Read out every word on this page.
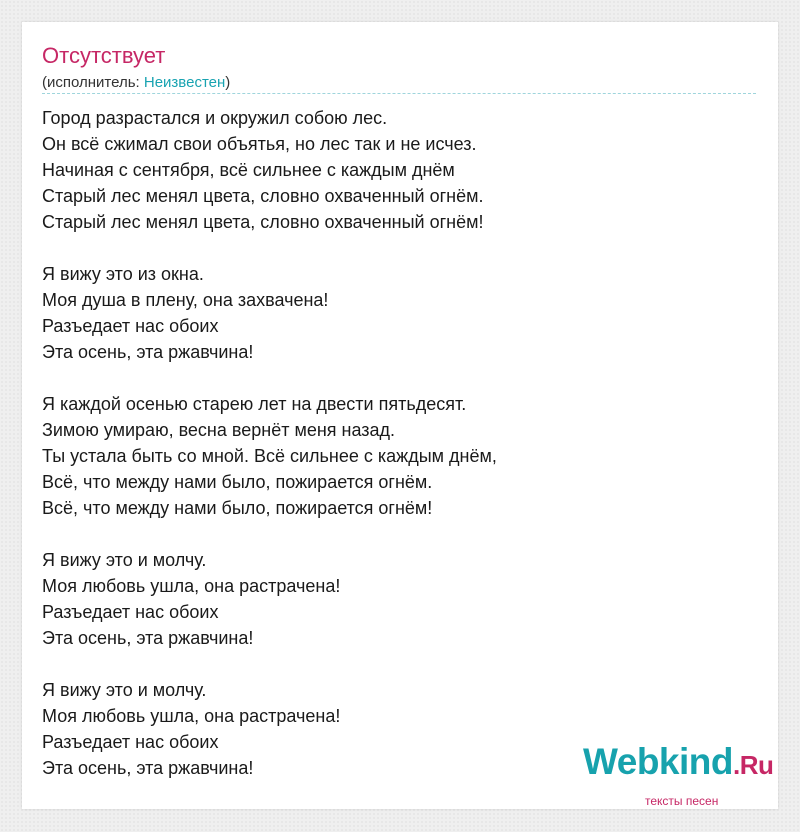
Отсутствует
(исполнитель: Неизвестен)
Город разрастался и окружил собою лес.
Он всё сжимал свои объятья, но лес так и не исчез.
Начиная с сентября, всё сильнее с каждым днём
Старый лес менял цвета, словно охваченный огнём.
Старый лес менял цвета, словно охваченный огнём!
Я вижу это из окна.
Моя душа в плену, она захвачена!
Разъедает нас обоих
Эта осень, эта ржавчина!
Я каждой осенью старею лет на двести пятьдесят.
Зимою умираю, весна вернёт меня назад.
Ты устала быть со мной. Всё сильнее с каждым днём,
Всё, что между нами было, пожирается огнём.
Всё, что между нами было, пожирается огнём!
Я вижу это и молчу.
Моя любовь ушла, она растрачена!
Разъедает нас обоих
Эта осень, эта ржавчина!
Я вижу это и молчу.
Моя любовь ушла, она растрачена!
Разъедает нас обоих
Эта осень, эта ржавчина!	Webkind.Ru
тексты песен
